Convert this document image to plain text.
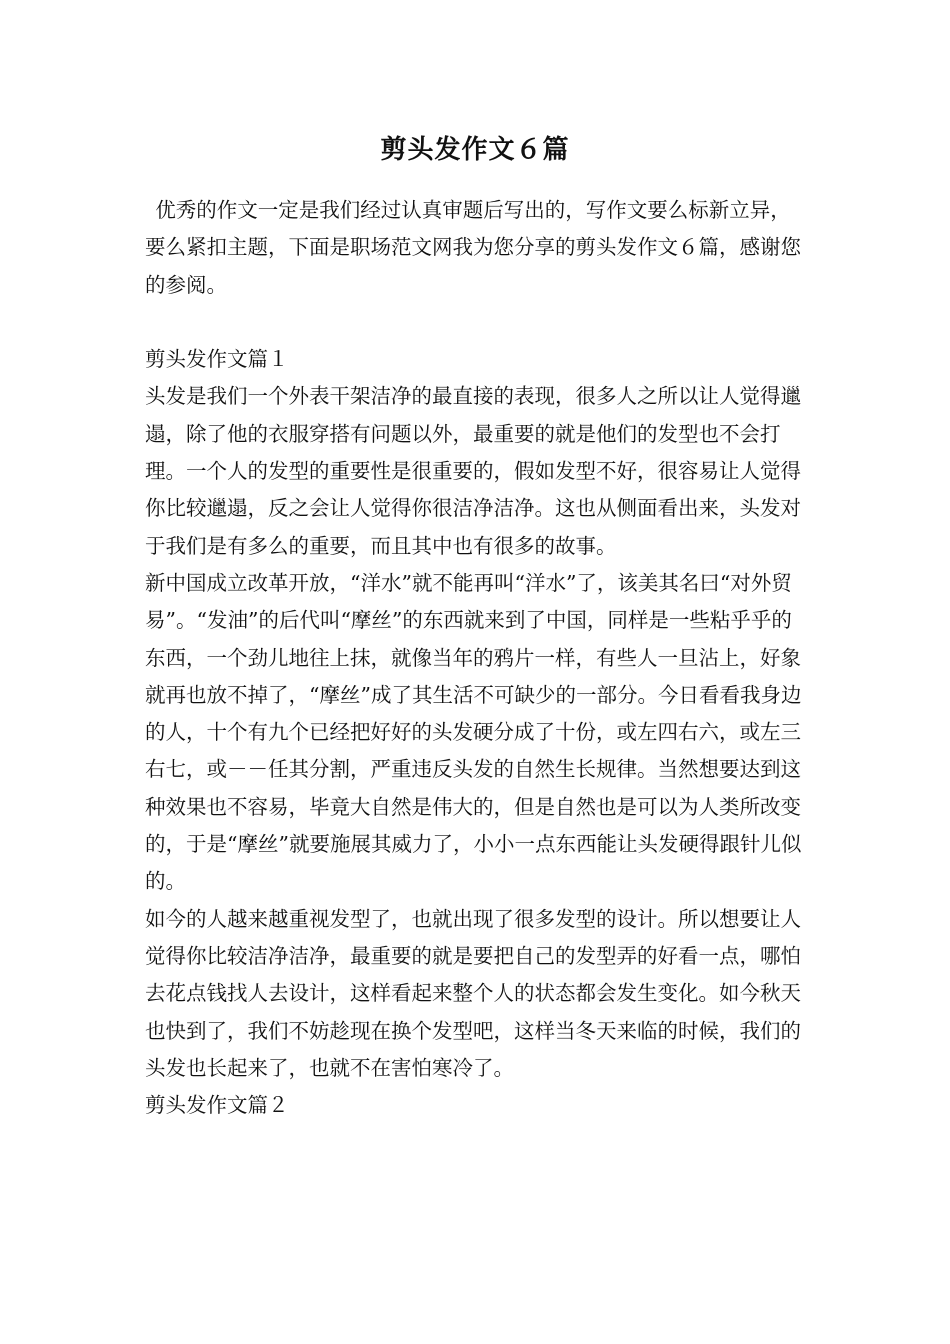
剪头发作文６篇

优秀的作文一定是我们经过认真审题后写出的，写作文要么标新立异，要么紧扣主题，下面是职场范文网我为您分享的剪头发作文６篇，感谢您的参阅。

剪头发作文篇１

头发是我们一个外表干架洁净的最直接的表现，很多人之所以让人觉得邋遢，除了他的衣服穿搭有问题以外，最重要的就是他们的发型也不会打理。一个人的发型的重要性是很重要的，假如发型不好，很容易让人觉得你比较邋遢，反之会让人觉得你很洁净洁净。这也从侧面看出来，头发对于我们是有多么的重要，而且其中也有很多的故事。

新中国成立改革开放，“洋水”就不能再叫“洋水”了，该美其名曰“对外贸易”。“发油”的后代叫“摩丝”的东西就来到了中国，同样是一些粘乎乎的东西，一个劲儿地往上抹，就像当年的鸦片一样，有些人一旦沾上，好象就再也放不掉了，“摩丝”成了其生活不可缺少的一部分。今日看看我身边的人，十个有九个已经把好好的头发硬分成了十份，或左四右六，或左三右七，或－－任其分割，严重违反头发的自然生长规律。当然想要达到这种效果也不容易，毕竟大自然是伟大的，但是自然也是可以为人类所改变的，于是“摩丝”就要施展其威力了，小小一点东西能让头发硬得跟针儿似的。

如今的人越来越重视发型了，也就出现了很多发型的设计。所以想要让人觉得你比较洁净洁净，最重要的就是要把自己的发型弄的好看一点，哪怕去花点钱找人去设计，这样看起来整个人的状态都会发生变化。如今秋天也快到了，我们不妨趁现在换个发型吧，这样当冬天来临的时候，我们的头发也长起来了，也就不在害怕寒冷了。

剪头发作文篇２
